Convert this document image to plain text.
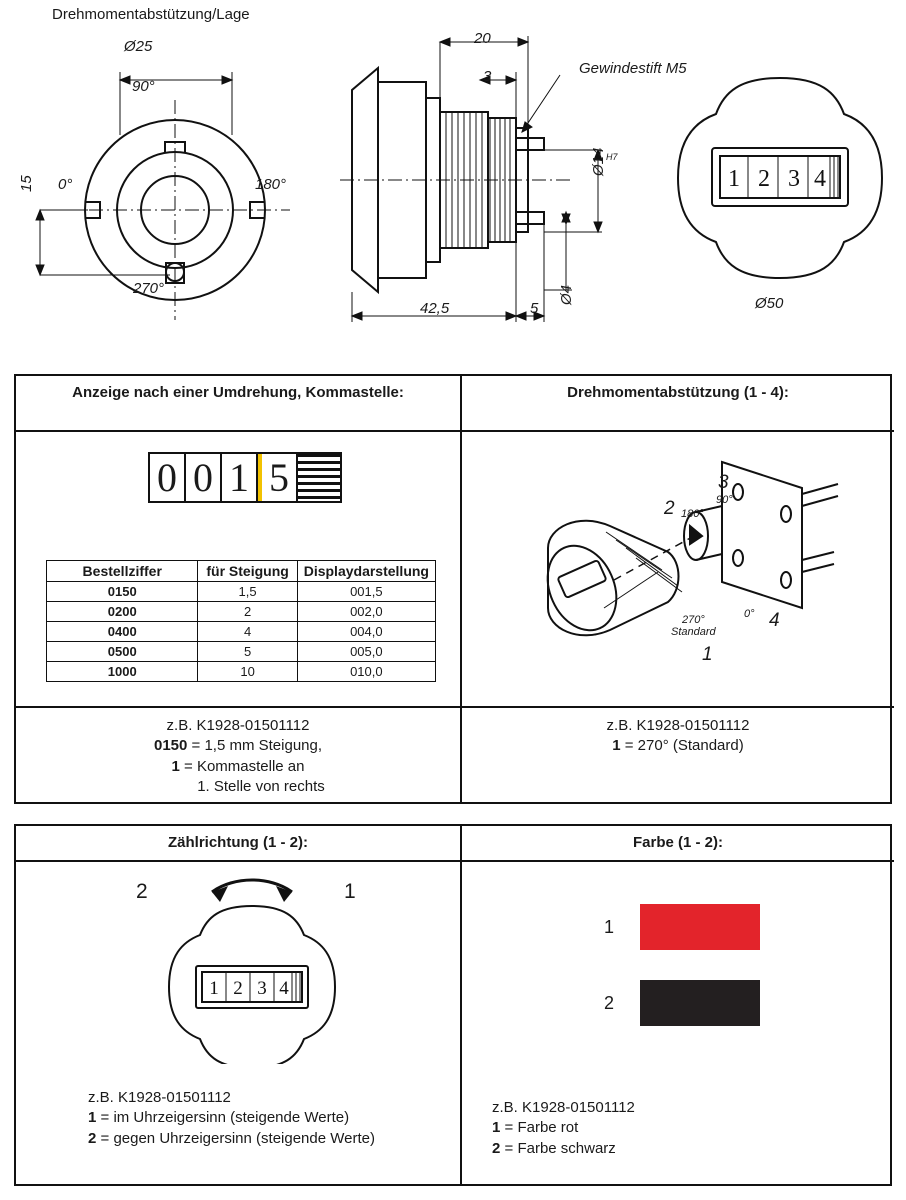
Drehmomentabstützung/Lage
Ø25
90°
0°	180°
270°
15
20
3	Gewindestift M5
Ø14 H7
Ø4
42,5	5
1 2 3 4
Ø50
Anzeige nach einer Umdrehung, Kommastelle:	Drehmomentabstützung (1 - 4):
0 0 1 5
Bestellziffer	für Steigung	Displaydarstellung
0150	1,5	001,5
0200	2	002,0
0400	4	004,0
0500	5	005,0
1000	10	010,0
z.B. K1928-01501112
0150 = 1,5 mm Steigung,
1 = Kommastelle an
1. Stelle von rechts
2 180°
3
90°
4
0°
270°
Standard
1
z.B. K1928-01501112
1 = 270° (Standard)
Zählrichtung (1 - 2):	Farbe (1 - 2):
1 2 3 4
2	1
z.B. K1928-01501112
1 = im Uhrzeigersinn (steigende Werte)
2 = gegen Uhrzeigersinn (steigende Werte)
1
2
z.B. K1928-01501112
1 = Farbe rot
2 = Farbe schwarz
